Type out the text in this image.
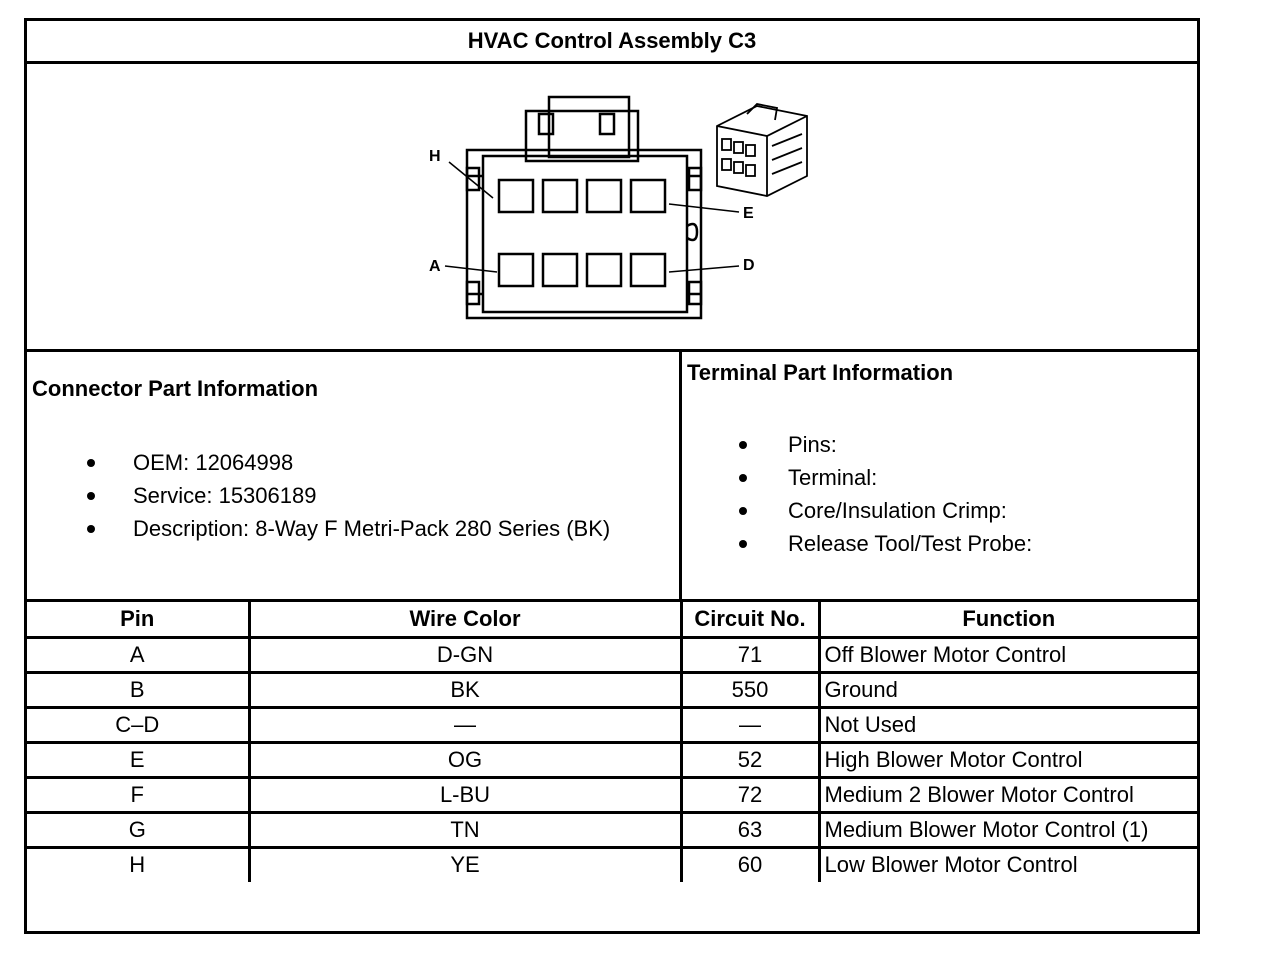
HVAC Control Assembly C3
H
E
A	D
Connector Part Information
OEM: 12064998
Service: 15306189
Description: 8-Way F Metri-Pack 280 Series (BK)
Terminal Part Information
Pins:
Terminal:
Core/Insulation Crimp:
Release Tool/Test Probe:
Pin	Wire Color	Circuit No.	Function
A	D-GN	71	Off Blower Motor Control
B	BK	550	Ground
C–D	—	—	Not Used
E	OG	52	High Blower Motor Control
F	L-BU	72	Medium 2 Blower Motor Control
G	TN	63	Medium Blower Motor Control (1)
H	YE	60	Low Blower Motor Control
